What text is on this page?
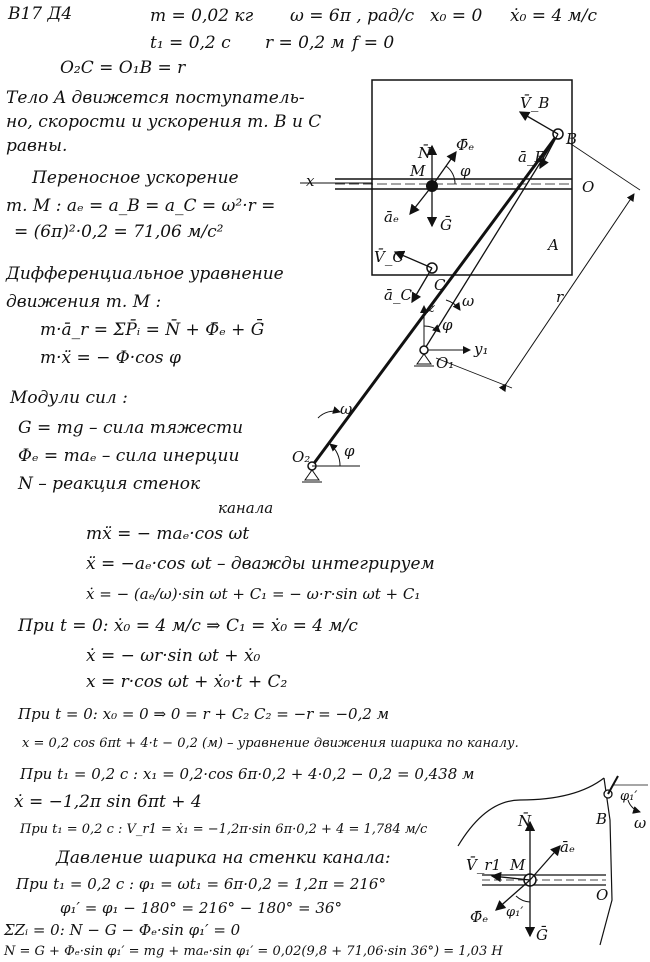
В17 Д4	m = 0,02 кг ω = 6π , рад/c x₀ = 0 ẋ₀ = 4 м/c
t₁ = 0,2 с r = 0,2 м f = 0
O₂C = O₁B = r
Тело A движется поступатель-
но, скорости и ускорения т. B и C
равны.
Переносное ускорение
т. M : aₑ = a_B = a_C = ω²·r =
= (6π)²·0,2 = 71,06 м/c²
Дифференциальное уравнение
движения т. M :
m·ā_r = ΣP̄ᵢ = N̄ + Φ̄ₑ + Ḡ
m·ẍ = − Φ·cos φ
Модули сил :
G = mg – сила тяжести
Φₑ = maₑ – сила инерции
N – реакция стенок
канала
mẍ = − maₑ·cos ωt
ẍ = −aₑ·cos ωt – дважды интегрируем
ẋ = − (aₑ/ω)·sin ωt + C₁ = − ω·r·sin ωt + C₁
При t = 0: ẋ₀ = 4 м/с ⇒ C₁ = ẋ₀ = 4 м/с
ẋ = − ωr·sin ωt + ẋ₀
x = r·cos ωt + ẋ₀·t + C₂
При t = 0: x₀ = 0 ⇒ 0 = r + C₂ C₂ = −r = −0,2 м
x = 0,2 cos 6πt + 4·t − 0,2 (м) – уравнение движения шарика по каналу.
При t₁ = 0,2 с : x₁ = 0,2·cos 6π·0,2 + 4·0,2 − 0,2 = 0,438 м
ẋ = −1,2π sin 6πt + 4
При t₁ = 0,2 с : V_r1 = ẋ₁ = −1,2π·sin 6π·0,2 + 4 = 1,784 м/с
Давление шарика на стенки канала:
При t₁ = 0,2 с : φ₁ = ωt₁ = 6π·0,2 = 1,2π = 216°
φ₁′ = φ₁ − 180° = 216° − 180° = 36°
ΣZᵢ = 0: N − G − Φₑ·sin φ₁′ = 0
N = G + Φₑ·sin φ₁′ = mg + maₑ·sin φ₁′ = 0,02(9,8 + 71,06·sin 36°) = 1,03 H
V̄_B
B
ā_B
N̄ Φ̄ₑ
M φ
x	O
āₑ	Ḡ
A
V̄_C
C
ā_C
z ω
φ
O₁
y₁
r
ω
O₂ φ
φ₁′
B ω
N̄
āₑ
V̄_r1 M
O
φ₁′
Φ̄ₑ
Ḡ
